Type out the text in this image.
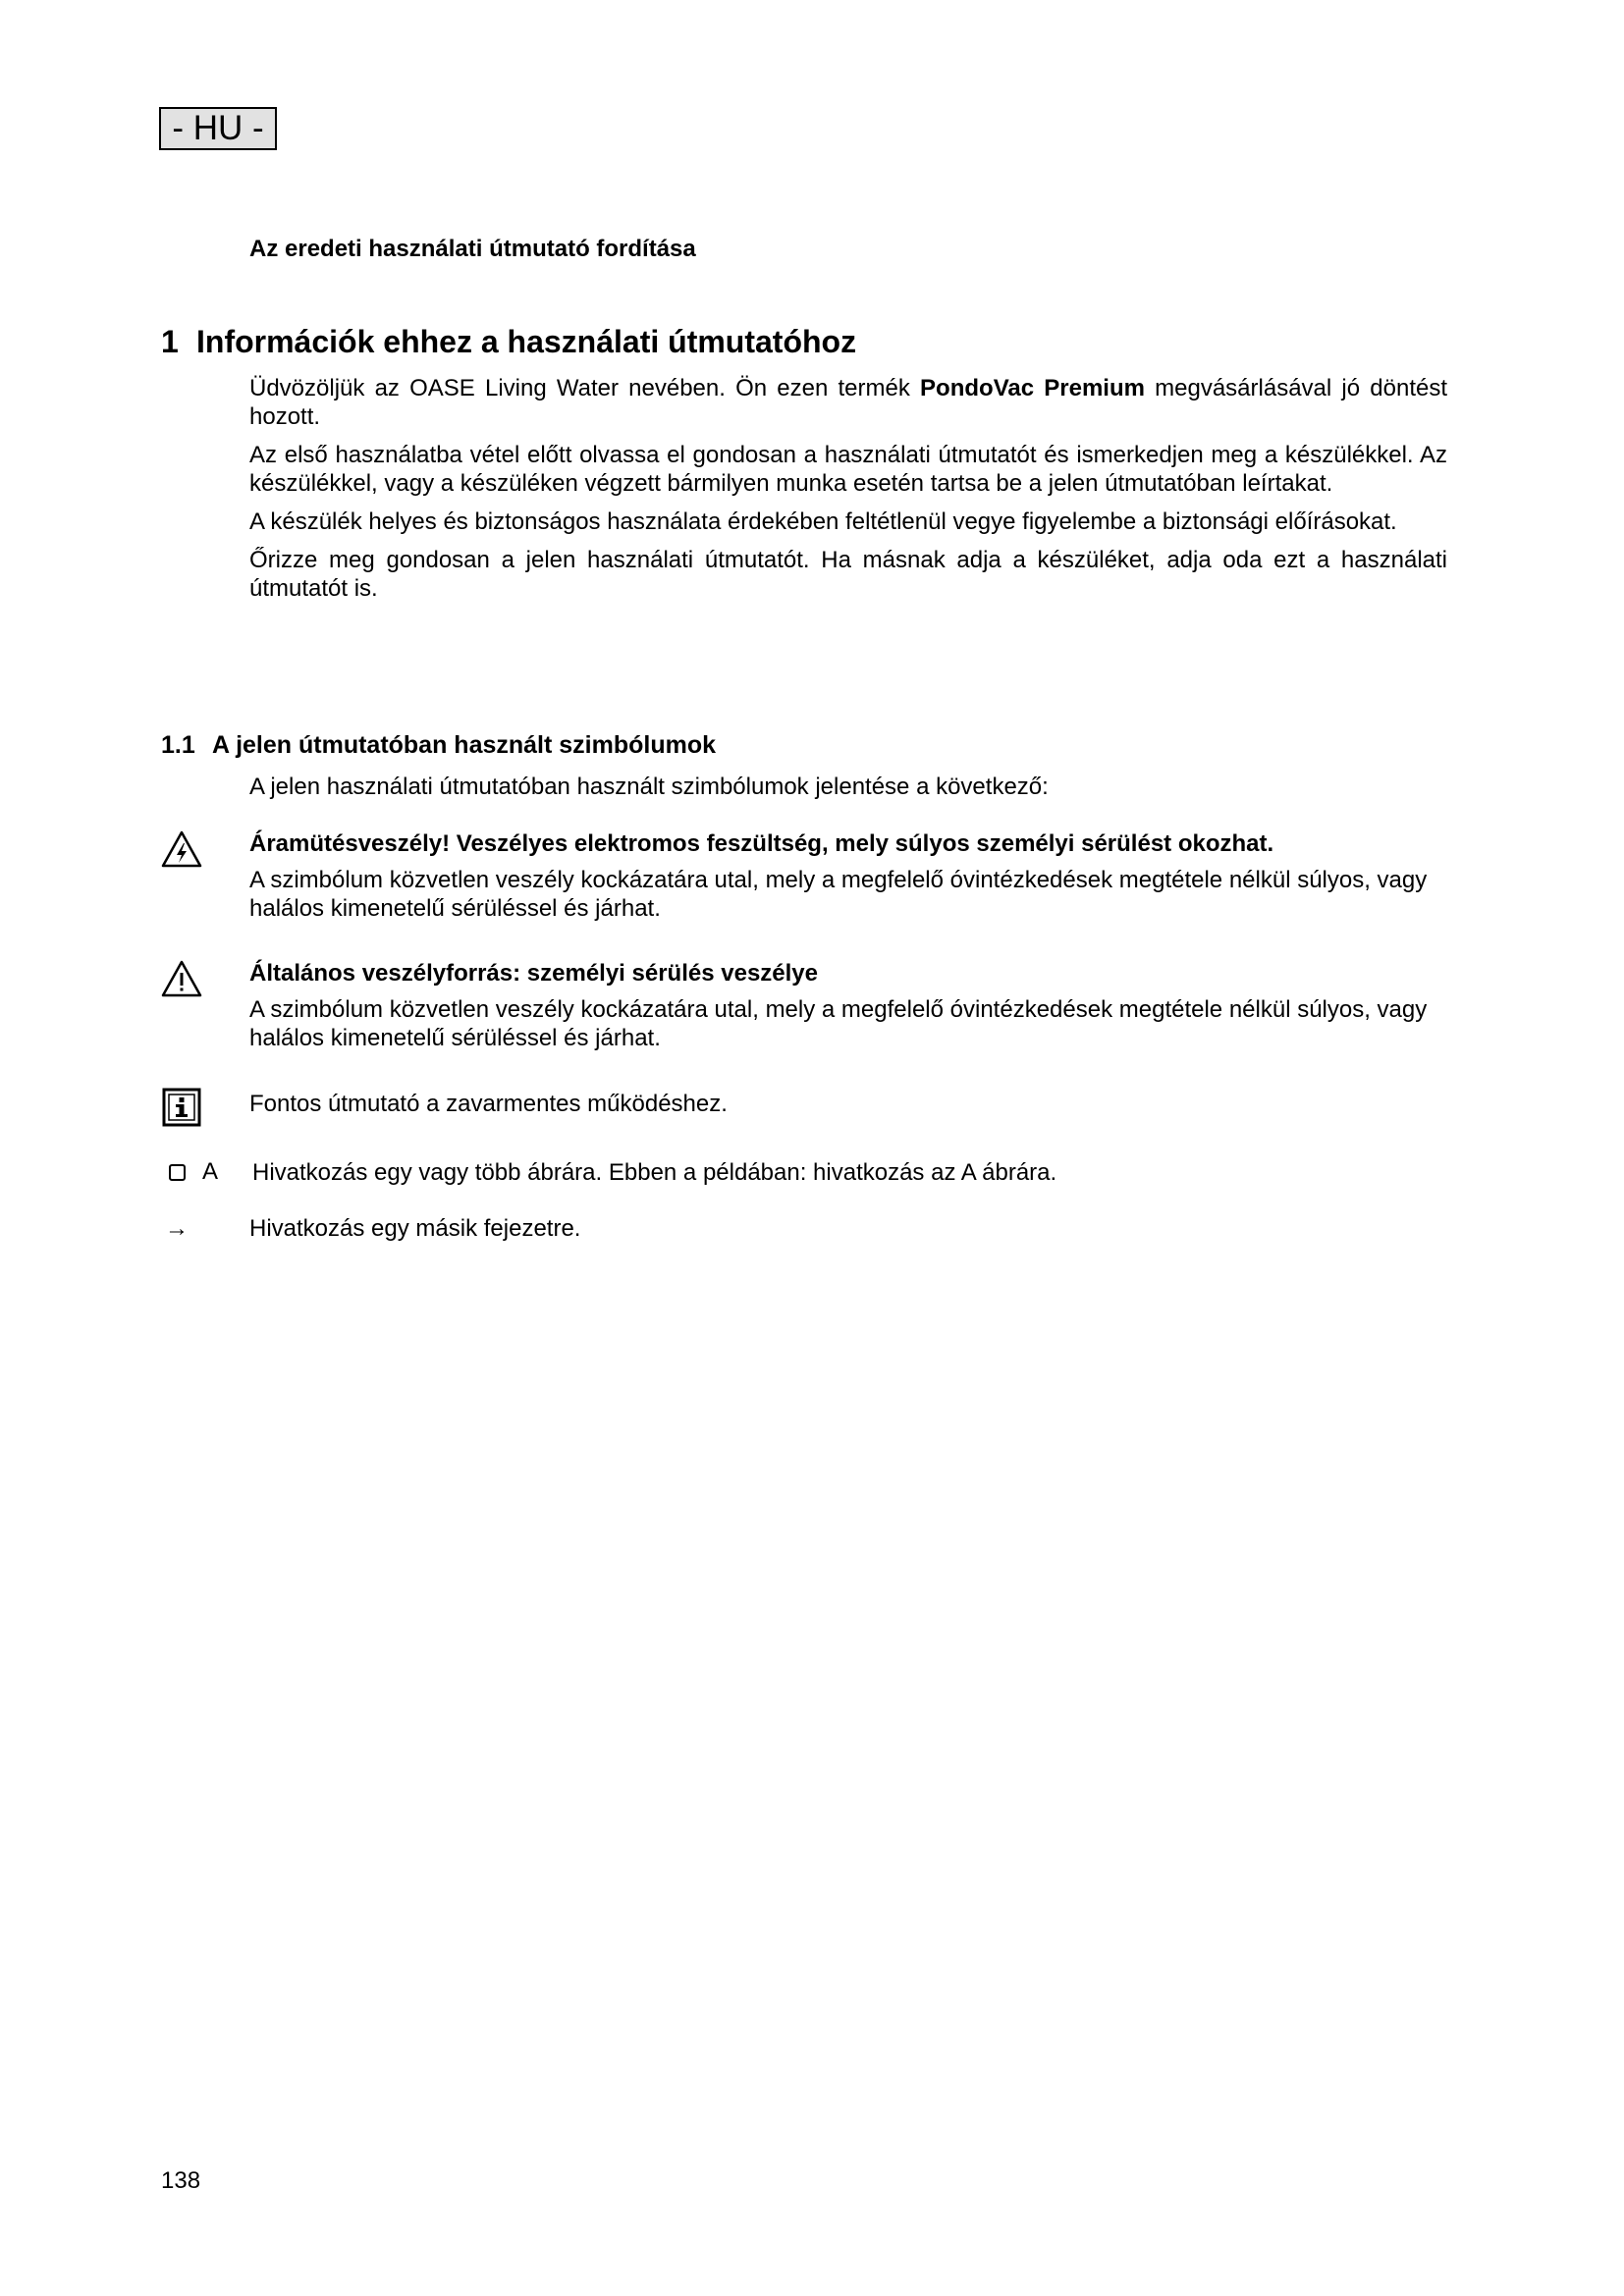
- HU -
Az eredeti használati útmutató fordítása
1 Információk ehhez a használati útmutatóhoz

Üdvözöljük az OASE Living Water nevében. Ön ezen termék PondoVac Premium megvásárlásával jó döntést hozott.

Az első használatba vétel előtt olvassa el gondosan a használati útmutatót és ismerkedjen meg a készülékkel. Az készülékkel, vagy a készüléken végzett bármilyen munka esetén tartsa be a jelen útmutatóban leírtakat.

A készülék helyes és biztonságos használata érdekében feltétlenül vegye figyelembe a biztonsági előírásokat.

Őrizze meg gondosan a jelen használati útmutatót. Ha másnak adja a készüléket, adja oda ezt a használati útmutatót is.

1.1 A jelen útmutatóban használt szimbólumok
A jelen használati útmutatóban használt szimbólumok jelentése a következő:
Áramütésveszély! Veszélyes elektromos feszültség, mely súlyos személyi sérülést okozhat.
A szimbólum közvetlen veszély kockázatára utal, mely a megfelelő óvintézkedések megtétele nélkül súlyos, vagy halálos kimenetelű sérüléssel és járhat.
Általános veszélyforrás: személyi sérülés veszélye
A szimbólum közvetlen veszély kockázatára utal, mely a megfelelő óvintézkedések megtétele nélkül súlyos, vagy halálos kimenetelű sérüléssel és járhat.
Fontos útmutató a zavarmentes működéshez.
A Hivatkozás egy vagy több ábrára. Ebben a példában: hivatkozás az A ábrára.
→	Hivatkozás egy másik fejezetre.
138
